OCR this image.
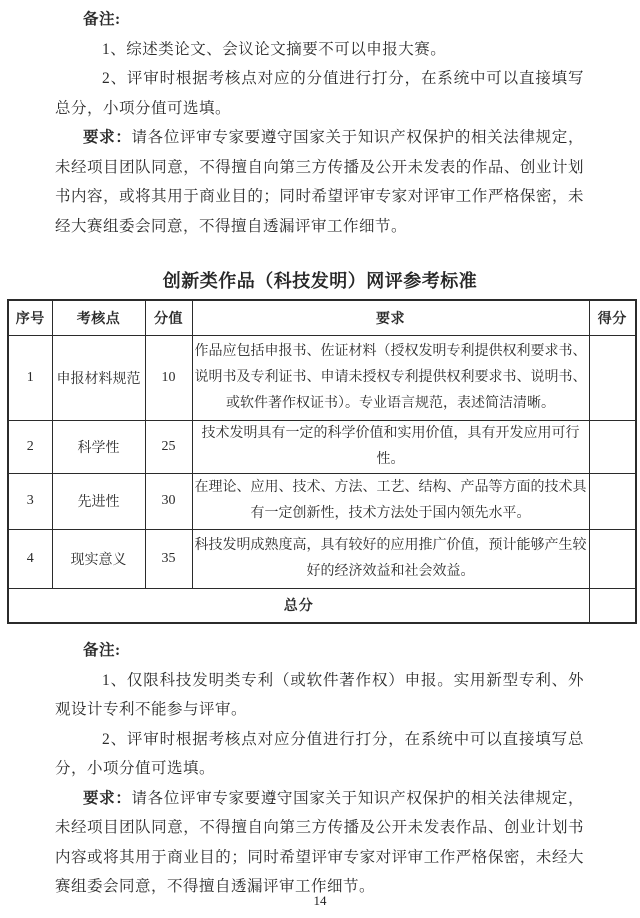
备注:

1、综述类论文、会议论文摘要不可以申报大赛。

2、评审时根据考核点对应的分值进行打分，在系统中可以直接填写总分，小项分值可选填。

要求：请各位评审专家要遵守国家关于知识产权保护的相关法律规定，未经项目团队同意，不得擅自向第三方传播及公开未发表的作品、创业计划书内容，或将其用于商业目的；同时希望评审专家对评审工作严格保密，未经大赛组委会同意，不得擅自透漏评审工作细节。

创新类作品（科技发明）网评参考标准
序号	考核点	分值	要求	得分
1	申报材料规范	10	作品应包括申报书、佐证材料（授权发明专利提供权利要求书、说明书及专利证书、申请未授权专利提供权利要求书、说明书、或软件著作权证书）。专业语言规范，表述简洁清晰。	
2	科学性	25	技术发明具有一定的科学价值和实用价值，具有开发应用可行性。	
3	先进性	30	在理论、应用、技术、方法、工艺、结构、产品等方面的技术具有一定创新性，技术方法处于国内领先水平。	
4	现实意义	35	科技发明成熟度高，具有较好的应用推广价值，预计能够产生较好的经济效益和社会效益。	
总分				

备注:

1、仅限科技发明类专利（或软件著作权）申报。实用新型专利、外观设计专利不能参与评审。

2、评审时根据考核点对应分值进行打分，在系统中可以直接填写总分，小项分值可选填。

要求：请各位评审专家要遵守国家关于知识产权保护的相关法律规定，未经项目团队同意，不得擅自向第三方传播及公开未发表作品、创业计划书内容或将其用于商业目的；同时希望评审专家对评审工作严格保密，未经大赛组委会同意，不得擅自透漏评审工作细节。

14
